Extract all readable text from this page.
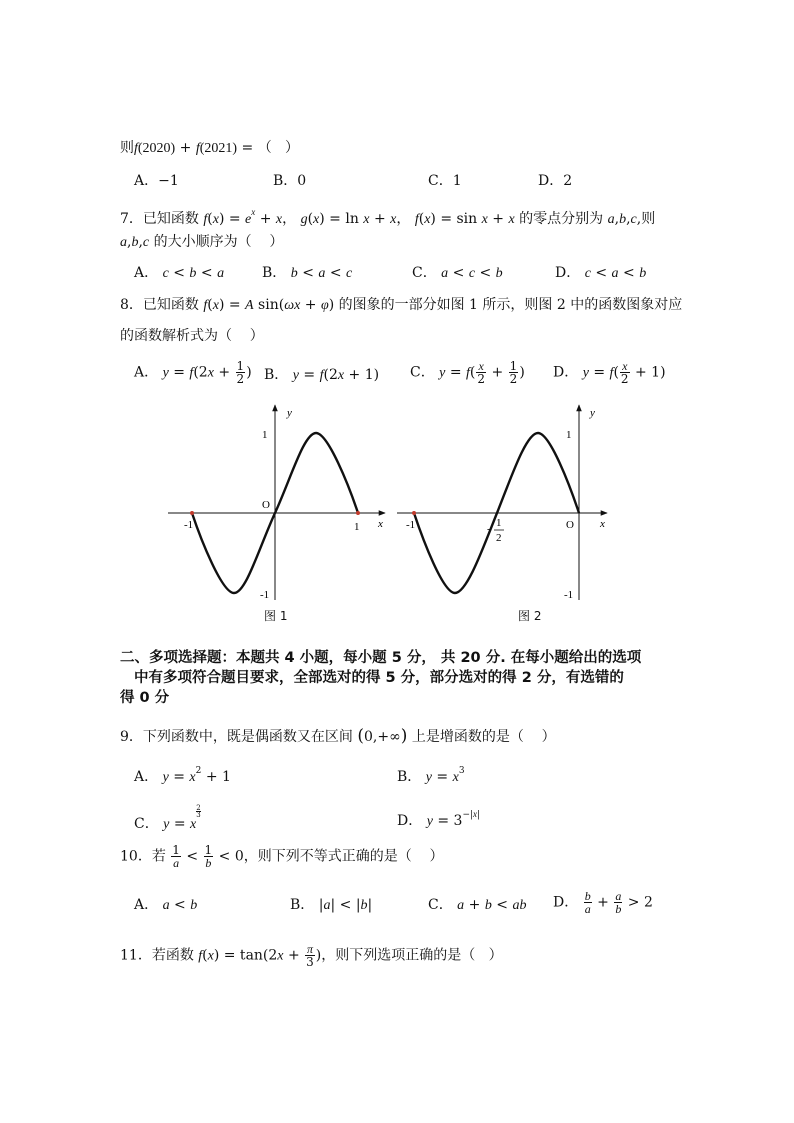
则f(2020) + f(2021) = （   ）
A．−1	B．0	C．1	D．2
7．已知函数 $f(x) = e^x + x$， g(x) = ln x + x， f(x) = sin x + x 的零点分别为 a,b,c,则
a,b,c 的大小顺序为（    ）
A． c < b < a	B． b < a < c	C． a < c < b	D． c < a < b
8．已知函数 f(x) = A sin(ωx + φ) 的图象的一部分如图 1 所示，则图 2 中的函数图象对应
的函数解析式为（    ）
A． $y = f(2x + \frac{1}{2}$ ) B． y = f(2x + 1) C． $y = f( \frac{x}{2} + \frac{1}{2}$ ) D． $y = f( \frac{x}{2} + 1)$
y
x
O
1
-1
1
-1
y
x
O
-1	- 1
2
1
-1
图 1	图 2
二、多项选择题：本题共 4 小题，每小题 5 分， 共 20 分. 在每小题给出的选项
中有多项符合题目要求，全部选对的得 5 分，部分选对的得 2 分，有选错的
得 0 分
9．下列函数中，既是偶函数又在区间 (0,+∞) 上是增函数的是（    ）
A． $y = x^2 + 1$	B． $y = x^3$
C． y = x
$\frac{2}{3}$
D． $y = 3^{-|x|}$
10．若 $\frac{1}{a} < \frac{1}{b} < 0$，则下列不等式正确的是（    ）
A． a < b	B． |a| < |b|	C． a + b < ab D． $\frac{b}{a} + \frac{a}{b} > 2$
11．若函数 $f(x) = \tan(2x + \frac{\pi}{3}$ )，则下列选项正确的是（   ）
